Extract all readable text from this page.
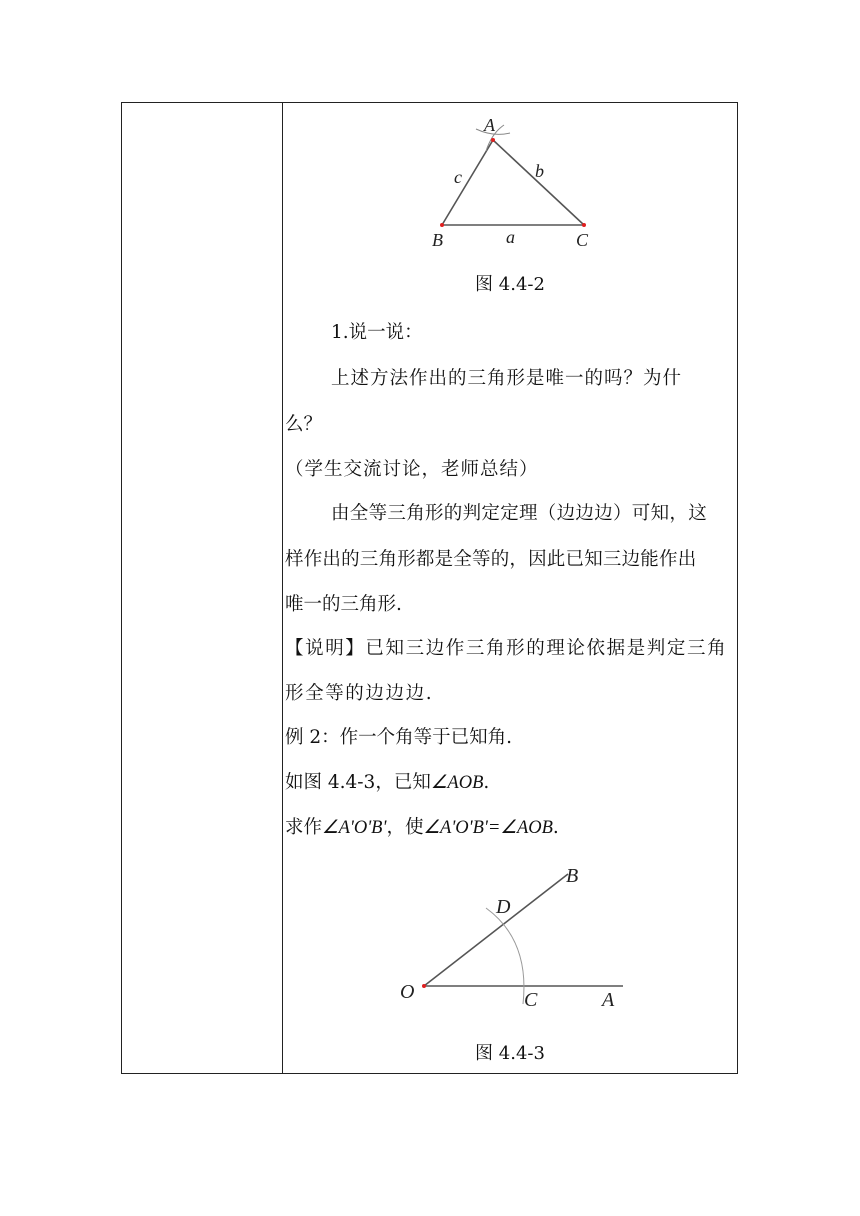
A
B	C
a
b
c
图 4.4-2
1.说一说：
上述方法作出的三角形是唯一的吗？为什
么？
（学生交流讨论，老师总结）
由全等三角形的判定定理（边边边）可知，这
样作出的三角形都是全等的，因此已知三边能作出
唯一的三角形.
【说明】已知三边作三角形的理论依据是判定三角
形全等的边边边.
例 2：作一个角等于已知角.
如图 4.4-3，已知∠AOB.
求作∠A'O'B'，使∠A'O'B'=∠AOB.
O	A
B
C
D
图 4.4-3
